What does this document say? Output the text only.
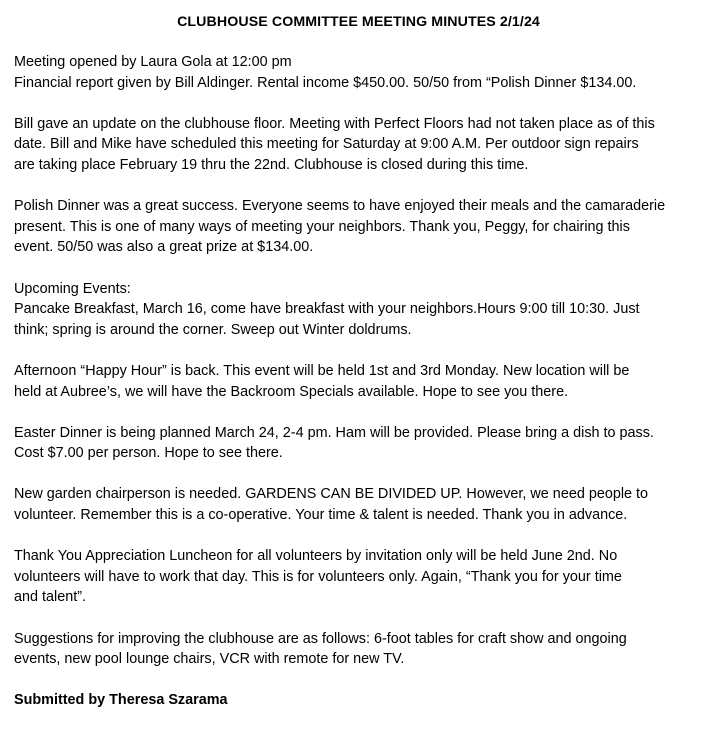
CLUBHOUSE COMMITTEE MEETING MINUTES 2/1/24
Meeting opened by Laura Gola at 12:00 pm
Financial report given by Bill Aldinger. Rental income $450.00. 50/50 from “Polish Dinner $134.00.
Bill gave an update on the clubhouse floor. Meeting with Perfect Floors had not taken place as of this
date. Bill and Mike have scheduled this meeting for Saturday at 9:00 A.M. Per outdoor sign repairs
are taking place February 19 thru the 22nd. Clubhouse is closed during this time.
Polish Dinner was a great success. Everyone seems to have enjoyed their meals and the camaraderie
present. This is one of many ways of meeting your neighbors. Thank you, Peggy, for chairing this
event. 50/50 was also a great prize at $134.00.
Upcoming Events:
Pancake Breakfast, March 16, come have breakfast with your neighbors.Hours 9:00 till 10:30. Just
think; spring is around the corner. Sweep out Winter doldrums.
Afternoon “Happy Hour” is back. This event will be held 1st and 3rd Monday. New location will be
held at Aubree’s, we will have the Backroom Specials available. Hope to see you there.
Easter Dinner is being planned March 24, 2-4 pm. Ham will be provided. Please bring a dish to pass.
Cost $7.00 per person. Hope to see there.
New garden chairperson is needed. GARDENS CAN BE DIVIDED UP. However, we need people to
volunteer. Remember this is a co-operative. Your time & talent is needed. Thank you in advance.
Thank You Appreciation Luncheon for all volunteers by invitation only will be held June 2nd. No
volunteers will have to work that day. This is for volunteers only. Again, “Thank you for your time
and talent”.
Suggestions for improving the clubhouse are as follows: 6-foot tables for craft show and ongoing
events, new pool lounge chairs, VCR with remote for new TV.
Submitted by Theresa Szarama
